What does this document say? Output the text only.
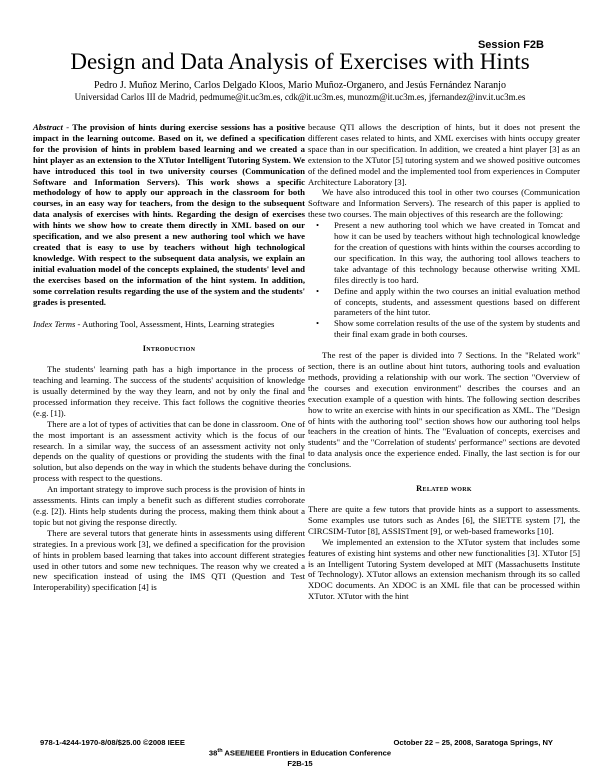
Session F2B
Design and Data Analysis of Exercises with Hints
Pedro J. Muñoz Merino, Carlos Delgado Kloos, Mario Muñoz-Organero, and Jesús Fernández Naranjo
Universidad Carlos III de Madrid, pedmume@it.uc3m.es, cdk@it.uc3m.es, munozm@it.uc3m.es, jfernandez@inv.it.uc3m.es

Abstract - The provision of hints during exercise sessions has a positive impact in the learning outcome. Based on it, we defined a specification for the provision of hints in problem based learning and we created a hint player as an extension to the XTutor Intelligent Tutoring System. We have introduced this tool in two university courses (Communication Software and Information Servers). This work shows a specific methodology of how to apply our approach in the classroom for both courses, in an easy way for teachers, from the design to the subsequent data analysis of exercises with hints. Regarding the design of exercises with hints we show how to create them directly in XML based on our specification, and we also present a new authoring tool which we have created that is easy to use by teachers without high technological knowledge. With respect to the subsequent data analysis, we explain an initial evaluation model of the concepts explained, the students' level and the exercises based on the information of the hint system. In addition, some correlation results regarding the use of the system and the students' grades is presented.

Index Terms - Authoring Tool, Assessment, Hints, Learning strategies

Introduction

The students' learning path has a high importance in the process of teaching and learning. The success of the students' acquisition of knowledge is usually determined by the way they learn, and not by only the final and processed information they receive. This fact follows the cognitive theories (e.g. [1]).

There are a lot of types of activities that can be done in classroom. One of the most important is an assessment activity which is the focus of our research. In a similar way, the success of an assessment activity not only depends on the quality of questions or providing the students with the final solution, but also depends on the way in which the students behave during the process with respect to the questions.

An important strategy to improve such process is the provision of hints in assessments. Hints can imply a benefit such as different studies corroborate (e.g. [2]). Hints help students during the process, making them think about a topic but not giving the response directly.

There are several tutors that generate hints in assessments using different strategies. In a previous work [3], we defined a specification for the provision of hints in problem based learning that takes into account different strategies used in other tutors and some new techniques. The reason why we created a new specification instead of using the IMS QTI (Question and Test Interoperability) specification [4] is

because QTI allows the description of hints, but it does not present the different cases related to hints, and XML exercises with hints occupy greater space than in our specification. In addition, we created a hint player [3] as an extension to the XTutor [5] tutoring system and we showed positive outcomes of the defined model and the implemented tool from experiences in Computer Architecture Laboratory [3].

We have also introduced this tool in other two courses (Communication Software and Information Servers). The research of this paper is applied to these two courses. The main objectives of this research are the following:

• Present a new authoring tool which we have created in Tomcat and how it can be used by teachers without high technological knowledge for the creation of questions with hints within the courses according to our specification. In this way, the authoring tool allows teachers to take advantage of this technology because otherwise writing XML files directly is too hard.
• Define and apply within the two courses an initial evaluation method of concepts, students, and assessment questions based on different parameters of the hint tutor.
• Show some correlation results of the use of the system by students and their final exam grade in both courses.

The rest of the paper is divided into 7 Sections. In the "Related work" section, there is an outline about hint tutors, authoring tools and evaluation methods, providing a relationship with our work. The section "Overview of the courses and execution environment" describes the courses and an execution example of a question with hints. The following section describes how to write an exercise with hints in our specification as XML. The "Design of hints with the authoring tool" section shows how our authoring tool helps teachers in the creation of hints. The "Evaluation of concepts, exercises and students" and the "Correlation of students' performance" sections are devoted to data analysis once the experience ended. Finally, the last section is for our conclusions.

Related work

There are quite a few tutors that provide hints as a support to assessments. Some examples use tutors such as Andes [6], the SIETTE system [7], the CIRCSIM-Tutor [8], ASSISTment [9], or web-based frameworks [10].

We implemented an extension to the XTutor system that includes some features of existing hint systems and other new functionalities [3]. XTutor [5] is an Intelligent Tutoring System developed at MIT (Massachusetts Institute of Technology). XTutor allows an extension mechanism through its so called XDOC documents. An XDOC is an XML file that can be processed within XTutor. XTutor with the hint

978-1-4244-1970-8/08/$25.00 ©2008 IEEE	October 22 – 25, 2008, Saratoga Springs, NY
38th ASEE/IEEE Frontiers in Education Conference
F2B-15
